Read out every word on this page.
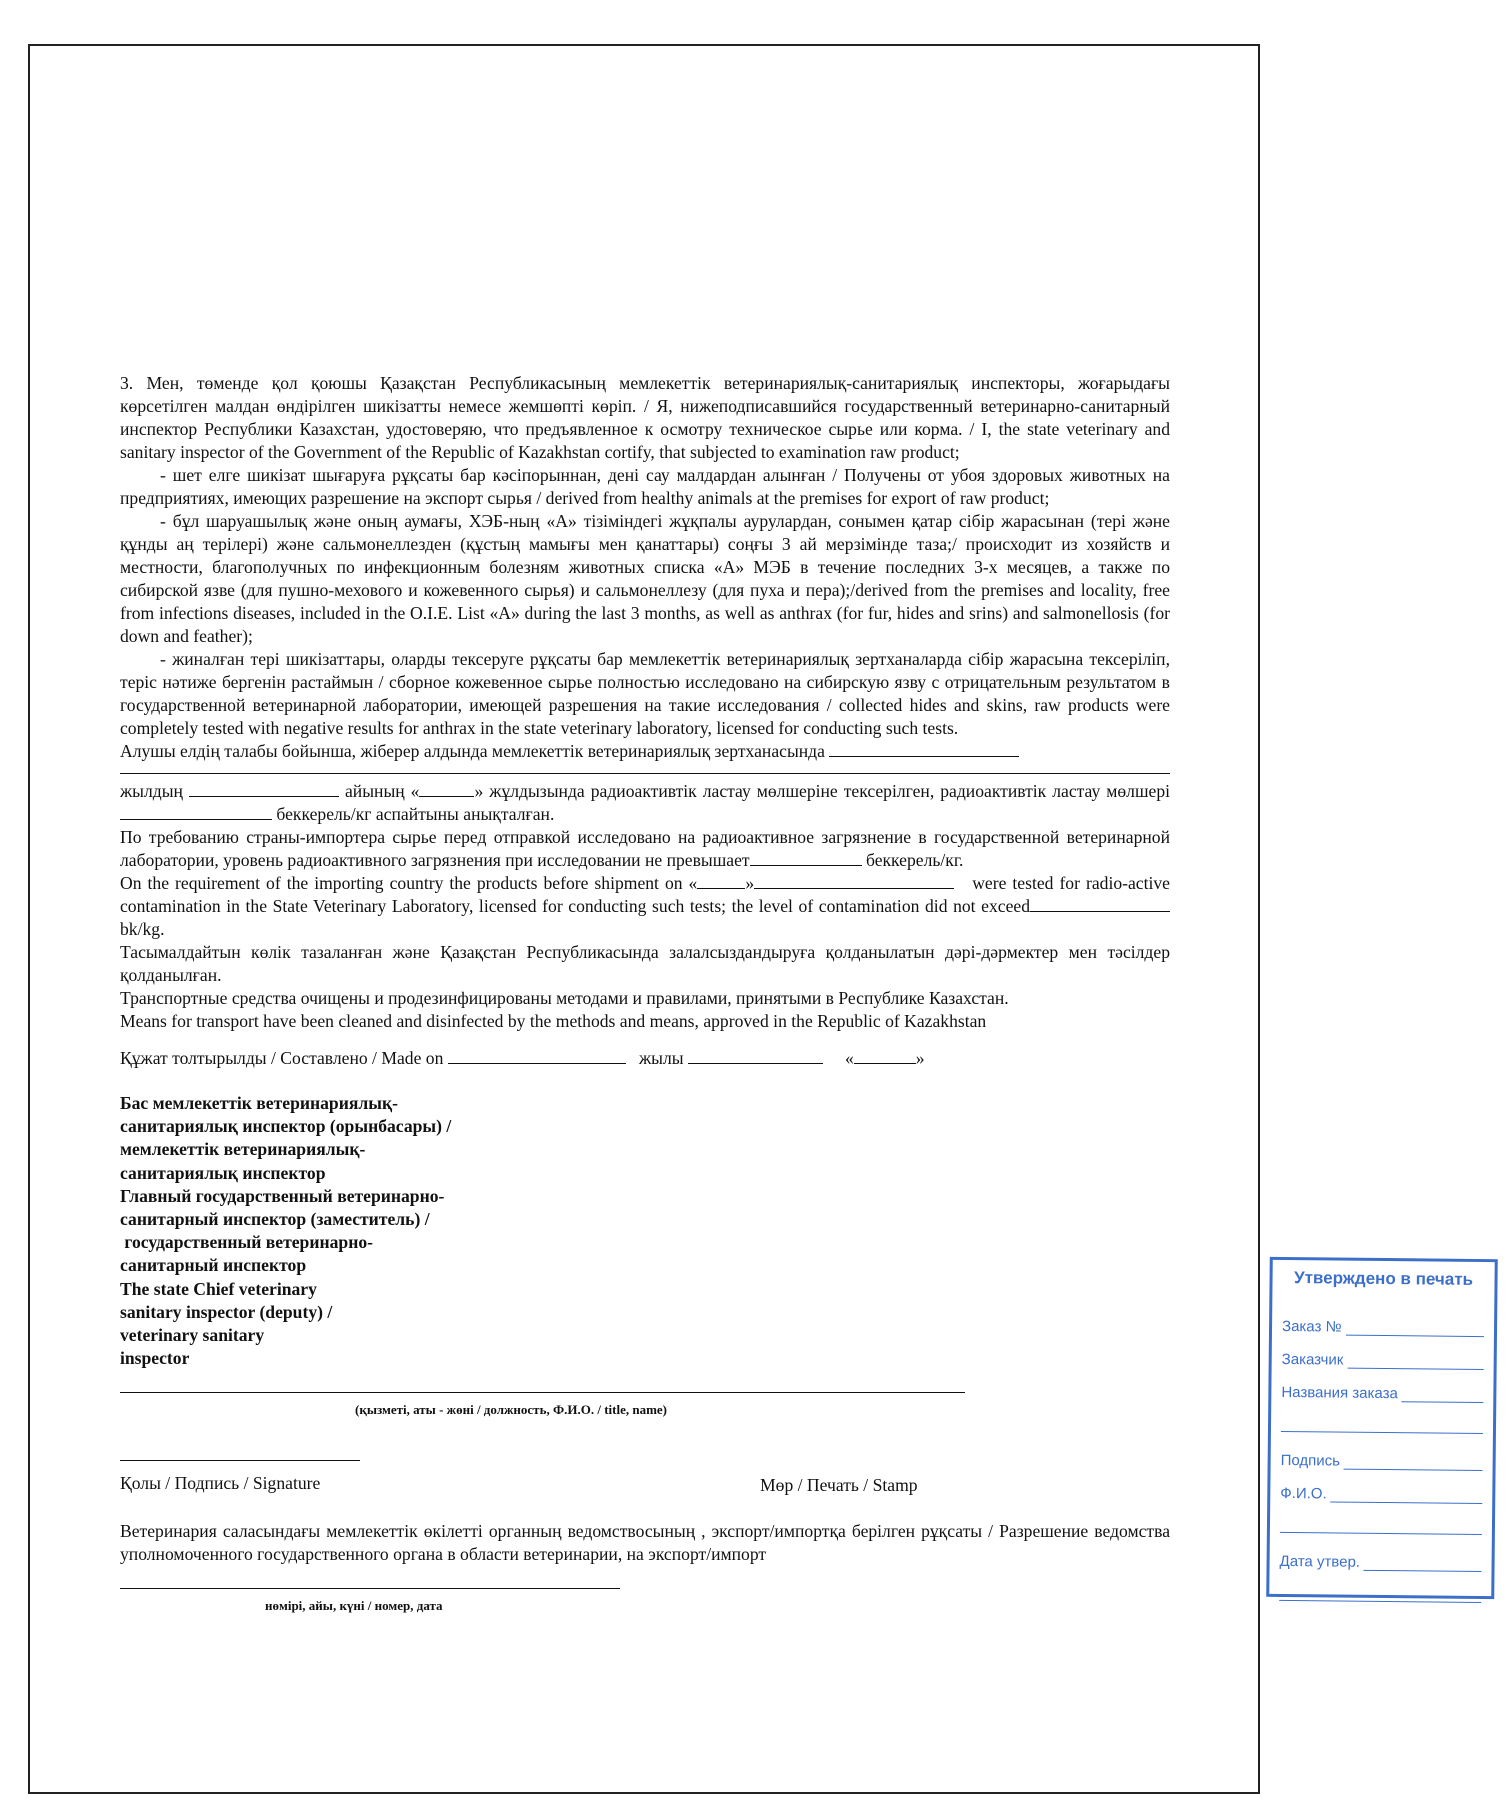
3. Мен, төменде қол қоюшы Қазақстан Республикасының мемлекеттік ветеринариялық-санитариялық инспекторы, жоғарыдағы көрсетілген малдан өндірілген шикізатты немесе жемшөпті көріп. / Я, нижеподписавшийся государственный ветеринарно-санитарный инспектор Республики Казахстан, удостоверяю, что предъявленное к осмотру техническое сырье или корма. / I, the state veterinary and sanitary inspector of the Government of the Republic of Kazakhstan cortify, that subjected to examination raw product;

- шет елге шикізат шығаруға рұқсаты бар кәсіпорыннан, дені сау малдардан алынған / Получены от убоя здоровых животных на предприятиях, имеющих разрешение на экспорт сырья / derived from healthy animals at the premises for export of raw product;

- бұл шаруашылық және оның аумағы, ХЭБ-ның «А» тізіміндегі жұқпалы аурулардан, сонымен қатар сібір жарасынан (тері және құнды аң терілері) және сальмонеллезден (құстың мамығы мен қанаттары) соңғы 3 ай мерзімінде таза;/ происходит из хозяйств и местности, благополучных по инфекционным болезням животных списка «А» МЭБ в течение последних 3-х месяцев, а также по сибирской язве (для пушно-мехового и кожевенного сырья) и сальмонеллезу (для пуха и пера);/derived from the premises and locality, free from infections diseases, included in the O.I.E. List «A» during the last 3 months, as well as anthrax (for fur, hides and srins) and salmonellosis (for down and feather);

- жиналған тері шикізаттары, оларды тексеруге рұқсаты бар мемлекеттік ветеринариялық зертханаларда сібір жарасына тексеріліп, теріс нәтиже бергенін растаймын / сборное кожевенное сырье полностью исследовано на сибирскую язву с отрицательным результатом в государственной ветеринарной лаборатории, имеющей разрешения на такие исследования / collected hides and skins, raw products were completely tested with negative results for anthrax in the state veterinary laboratory, licensed for conducting such tests.

Алушы елдің талабы бойынша, жіберер алдында мемлекеттік ветеринариялық зертханасында

жылдың	айының «	» жұлдызында радиоактивтік ластау мөлшеріне тексерілген, радиоактивтік ластау мөлшері  беккерель/кг аспайтыны анықталған.

По требованию страны-импортера сырье перед отправкой исследовано на радиоактивное загрязнение в государственной ветеринарной лаборатории, уровень радиоактивного загрязнения при исследовании не превышает	беккерель/кг.

On the requirement of the importing country the products before shipment on «	»	were tested for radio-active contamination in the State Veterinary Laboratory, licensed for conducting such tests; the level of contamination did not exceed bk/kg.

Тасымалдайтын көлік тазаланған және Қазақстан Республикасында залалсыздандыруға қолданылатын дәрі-дәрмектер мен тәсілдер қолданылған.

Транспортные средства очищены и продезинфицированы методами и правилами, принятыми в Республике Казахстан.

Means for transport have been cleaned and disinfected by the methods and means, approved in the Republic of Kazakhstan

Құжат толтырылды / Составлено / Made on	жылы	«	»

Бас мемлекеттік ветеринариялық-
санитариялық инспектор (орынбасары) /
мемлекеттік ветеринариялық-
санитариялық инспектор
Главный государственный ветеринарно-
санитарный инспектор (заместитель) /
государственный ветеринарно-
санитарный инспектор
The state Chief veterinary
sanitary inspector (deputy) /
veterinary sanitary
inspector
(қызметі, аты - жөні / должность, Ф.И.О. / title, name)
Қолы / Подпись / Signature	Мөр / Печать / Stamp
Ветеринария саласындағы мемлекеттік өкілетті органның ведомствосының , экспорт/импортқа берілген рұқсаты / Разрешение ведомства уполномоченного государственного органа в области ветеринарии, на экспорт/импорт
нөмірі, айы, күні / номер, дата
Утверждено в печать
Заказ №
Заказчик
Названия заказа
Подпись
Ф.И.О.
Дата утвер.
